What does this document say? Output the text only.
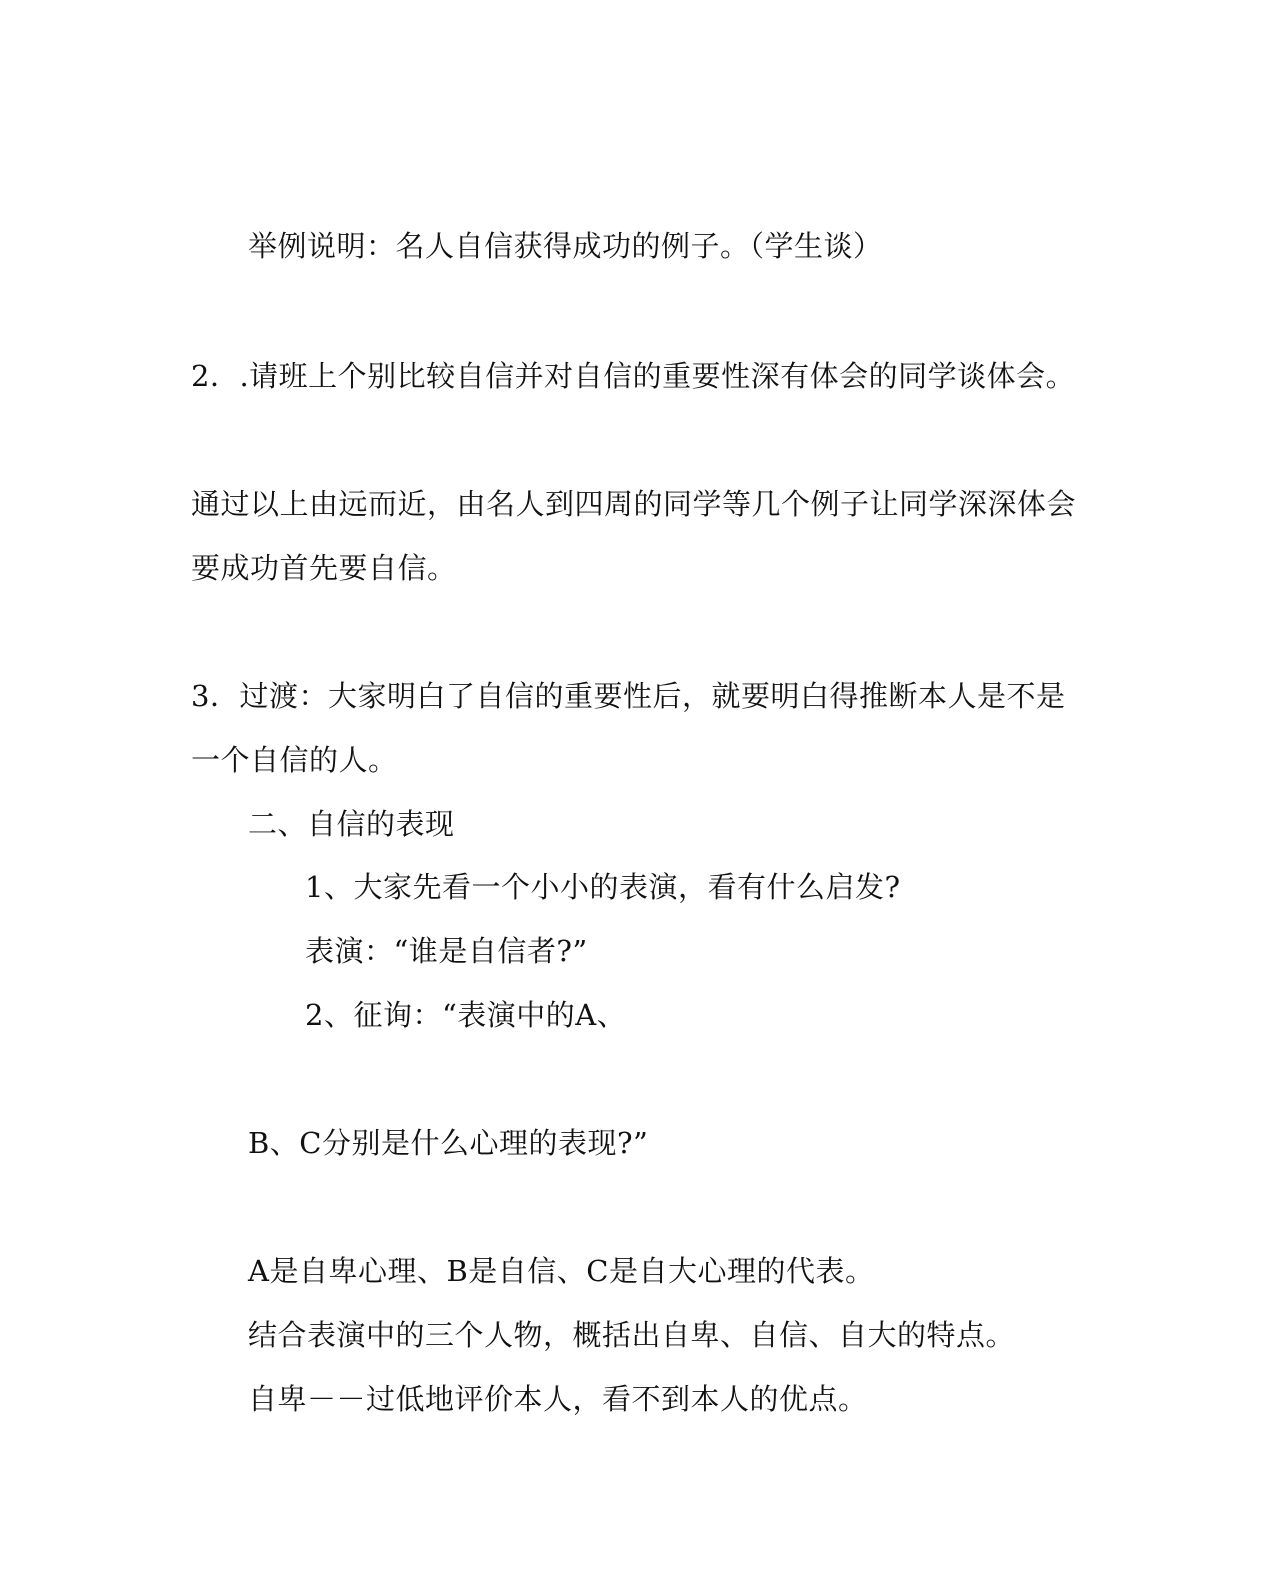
举例说明：名人自信获得成功的例子。（学生谈）
2．.请班上个别比较自信并对自信的重要性深有体会的同学谈体会。
通过以上由远而近，由名人到四周的同学等几个例子让同学深深体会
要成功首先要自信。
3．过渡：大家明白了自信的重要性后，就要明白得推断本人是不是
一个自信的人。
二、自信的表现
1、大家先看一个小小的表演，看有什么启发?
表演：“谁是自信者?”
2、征询：“表演中的A、
B、C分别是什么心理的表现?”
A是自卑心理、B是自信、C是自大心理的代表。
结合表演中的三个人物，概括出自卑、自信、自大的特点。
自卑－－过低地评价本人，看不到本人的优点。
